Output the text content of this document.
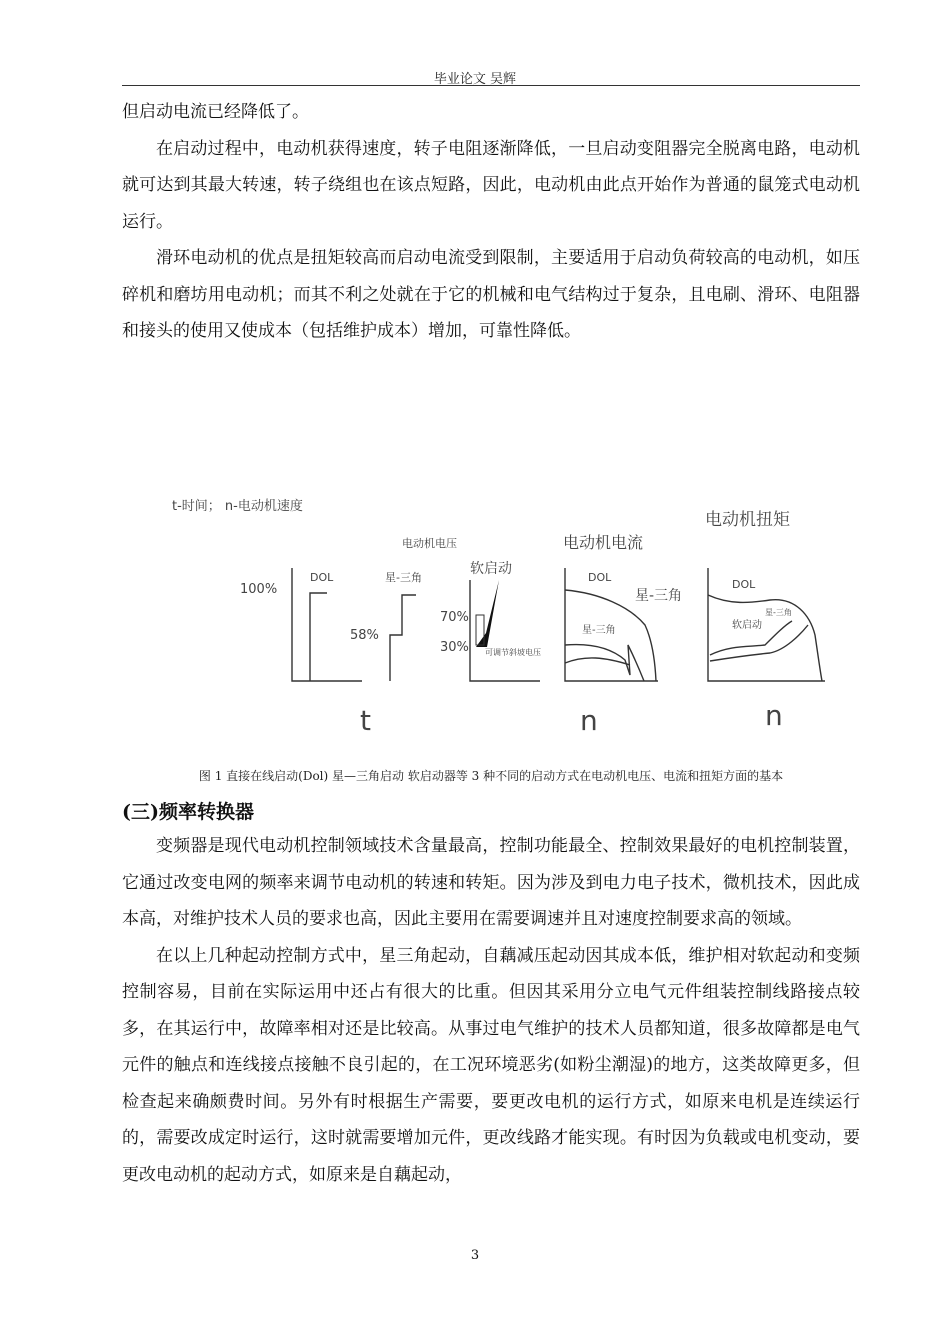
毕业论文 吴辉

但启动电流已经降低了。

在启动过程中，电动机获得速度，转子电阻逐渐降低，一旦启动变阻器完全脱离电路，电动机就可达到其最大转速，转子绕组也在该点短路，因此，电动机由此点开始作为普通的鼠笼式电动机运行。

滑环电动机的优点是扭矩较高而启动电流受到限制，主要适用于启动负荷较高的电动机，如压碎机和磨坊用电动机；而其不利之处就在于它的机械和电气结构过于复杂，且电刷、滑环、电阻器和接头的使用又使成本（包括维护成本）增加，可靠性降低。

t-时间； n-电动机速度
电动机电压
100%
DOL	星-三角
58%
软启动
70%
30% 可调节斜坡电压
t
电动机电流
DOL
星-三角
星-三角
n
电动机扭矩
DOL
星-三角
软启动
n
图 1 直接在线启动(Dol) 星—三角启动 软启动器等 3 种不同的启动方式在电动机电压、电流和扭矩方面的基本
(三)频率转换器

变频器是现代电动机控制领域技术含量最高，控制功能最全、控制效果最好的电机控制装置，它通过改变电网的频率来调节电动机的转速和转矩。因为涉及到电力电子技术，微机技术，因此成本高，对维护技术人员的要求也高，因此主要用在需要调速并且对速度控制要求高的领域。

在以上几种起动控制方式中，星三角起动，自藕减压起动因其成本低，维护相对软起动和变频控制容易，目前在实际运用中还占有很大的比重。但因其采用分立电气元件组装控制线路接点较多，在其运行中，故障率相对还是比较高。从事过电气维护的技术人员都知道，很多故障都是电气元件的触点和连线接点接触不良引起的，在工况环境恶劣(如粉尘潮湿)的地方，这类故障更多，但检查起来确颇费时间。另外有时根据生产需要，要更改电机的运行方式，如原来电机是连续运行的，需要改成定时运行，这时就需要增加元件，更改线路才能实现。有时因为负载或电机变动，要更改电动机的起动方式，如原来是自藕起动，

3
